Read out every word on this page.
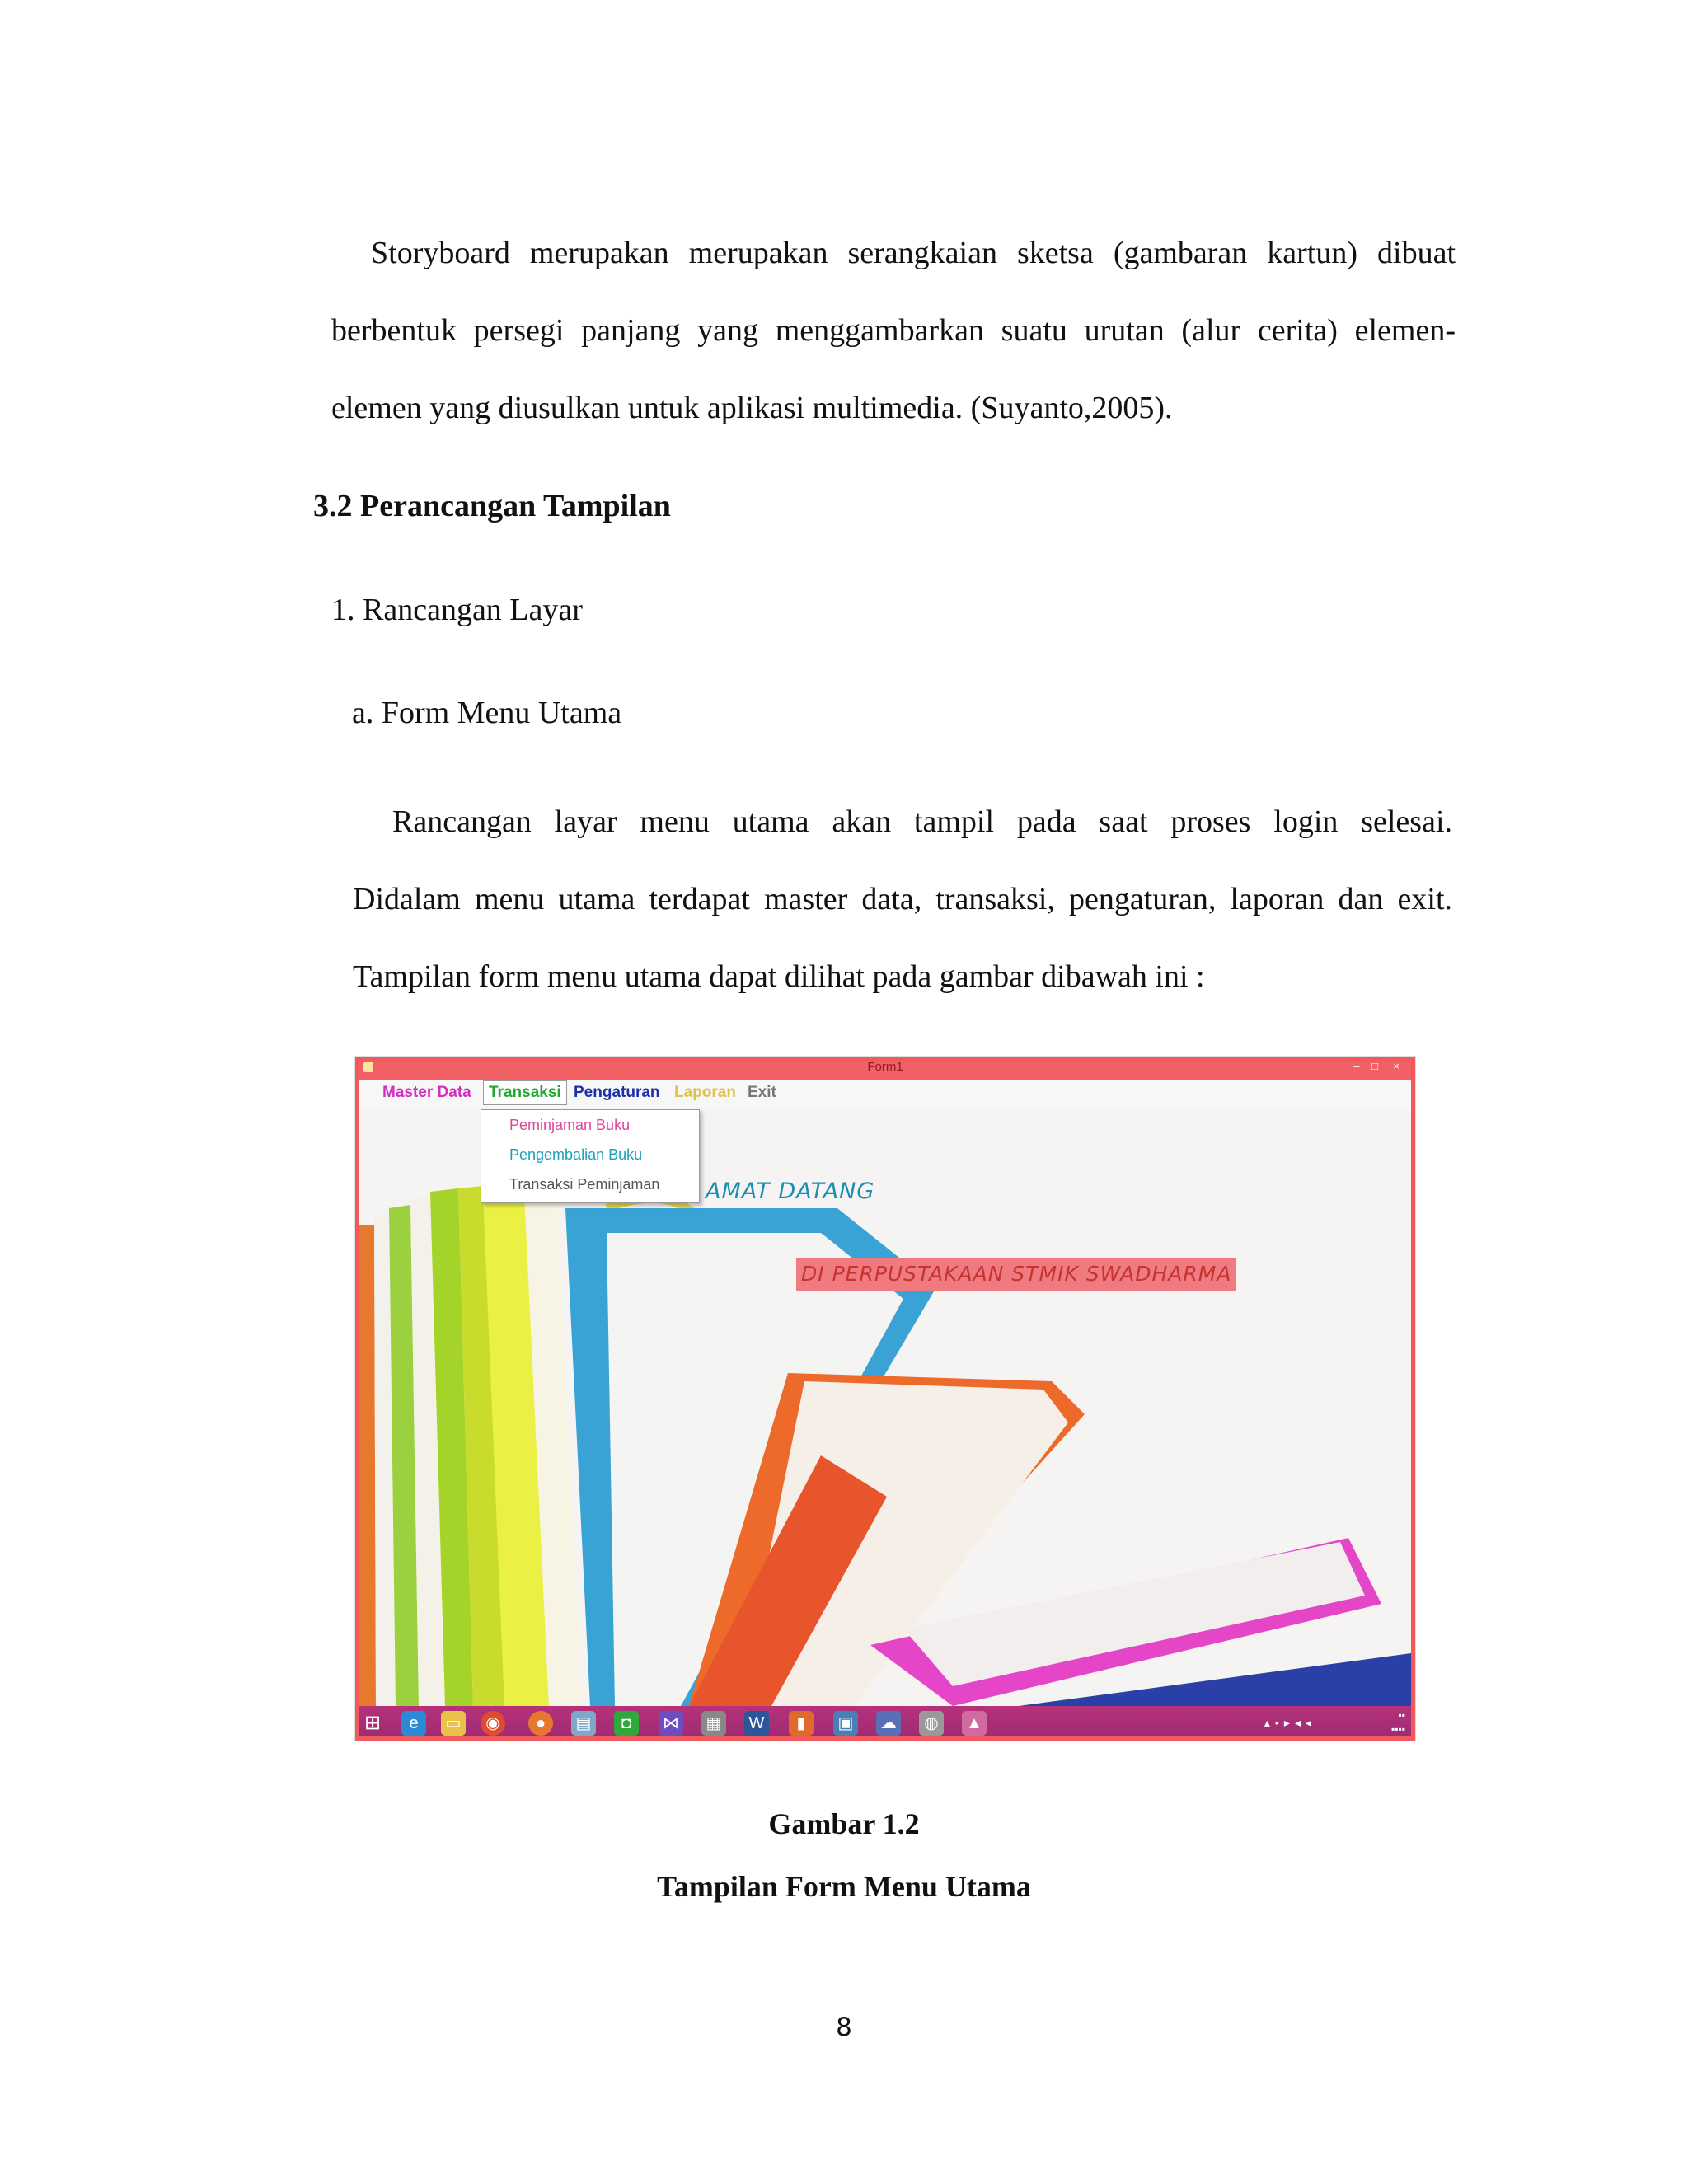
Storyboard merupakan merupakan serangkaian sketsa (gambaran kartun) dibuat
berbentuk persegi panjang yang menggambarkan suatu urutan (alur cerita) elemen-
elemen yang diusulkan untuk aplikasi multimedia. (Suyanto,2005).

3.2 Perancangan Tampilan

1. Rancangan Layar

a. Form Menu Utama

Rancangan layar menu utama akan tampil pada saat proses login selesai.
Didalam menu utama terdapat master data, transaksi, pengaturan, laporan dan exit.
Tampilan form menu utama dapat dilihat pada gambar dibawah ini :
AMAT DATANG
DI PERPUSTAKAAN STMIK SWADHARMA
Form1	–	□	×
Master Data	Transaksi Pengaturan Laporan Exit
Peminjaman Buku
Pengembalian Buku
Transaksi Peminjaman
⊞	e	▭	◉	●	▤	◘	⋈ ▦ W	▮	▣ ☁	◍	▲	▴▪▸◂◂
▪▪
▪▪▪▪

Gambar 1.2

Tampilan Form Menu Utama

8
